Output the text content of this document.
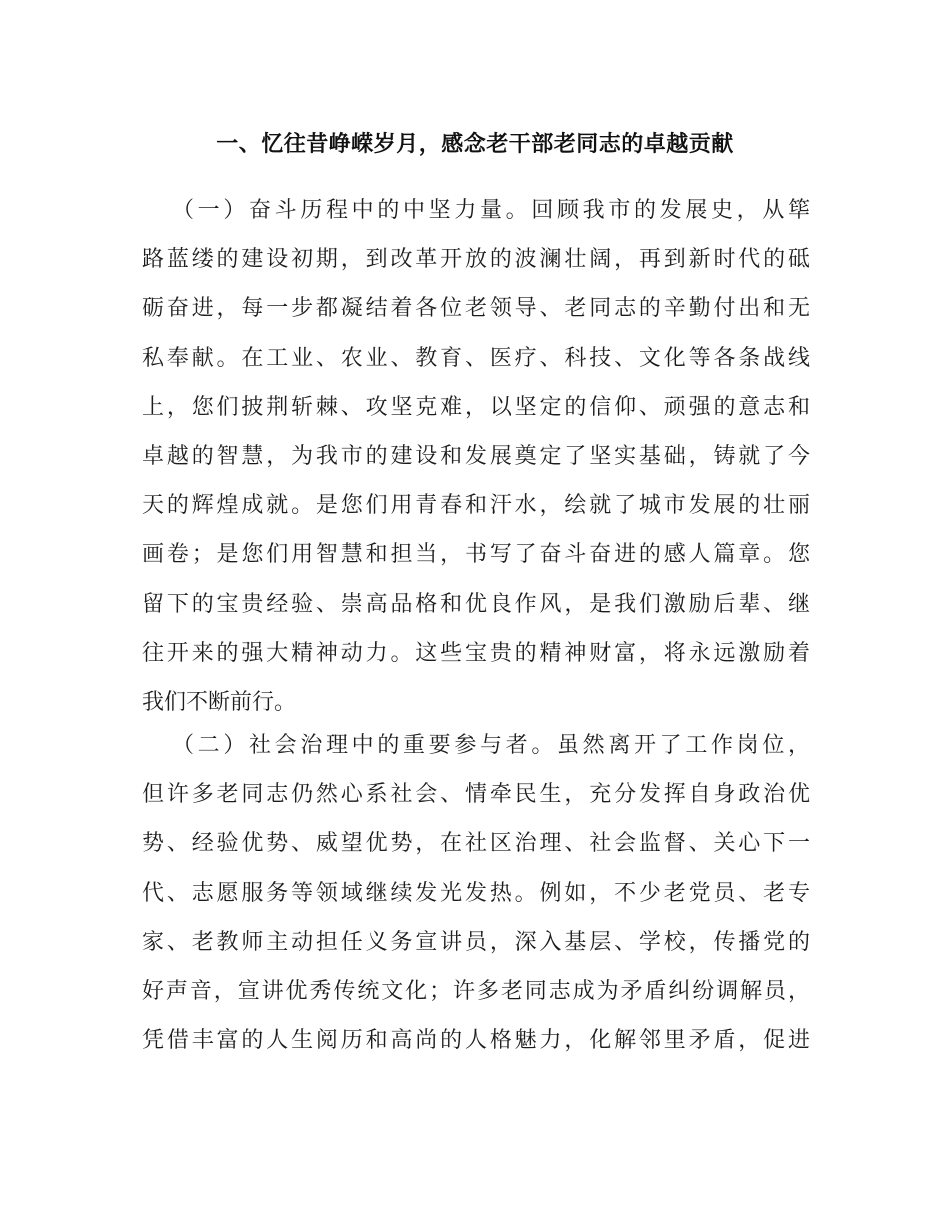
一、忆往昔峥嵘岁月，感念老干部老同志的卓越贡献
（一）奋斗历程中的中坚力量。回顾我市的发展史，从筚
路蓝缕的建设初期，到改革开放的波澜壮阔，再到新时代的砥
砺奋进，每一步都凝结着各位老领导、老同志的辛勤付出和无
私奉献。在工业、农业、教育、医疗、科技、文化等各条战线
上，您们披荆斩棘、攻坚克难，以坚定的信仰、顽强的意志和
卓越的智慧，为我市的建设和发展奠定了坚实基础，铸就了今
天的辉煌成就。是您们用青春和汗水，绘就了城市发展的壮丽
画卷；是您们用智慧和担当，书写了奋斗奋进的感人篇章。您
留下的宝贵经验、崇高品格和优良作风，是我们激励后辈、继
往开来的强大精神动力。这些宝贵的精神财富，将永远激励着
我们不断前行。
（二）社会治理中的重要参与者。虽然离开了工作岗位，
但许多老同志仍然心系社会、情牵民生，充分发挥自身政治优
势、经验优势、威望优势，在社区治理、社会监督、关心下一
代、志愿服务等领域继续发光发热。例如，不少老党员、老专
家、老教师主动担任义务宣讲员，深入基层、学校，传播党的
好声音，宣讲优秀传统文化；许多老同志成为矛盾纠纷调解员，
凭借丰富的人生阅历和高尚的人格魅力，化解邻里矛盾，促进
